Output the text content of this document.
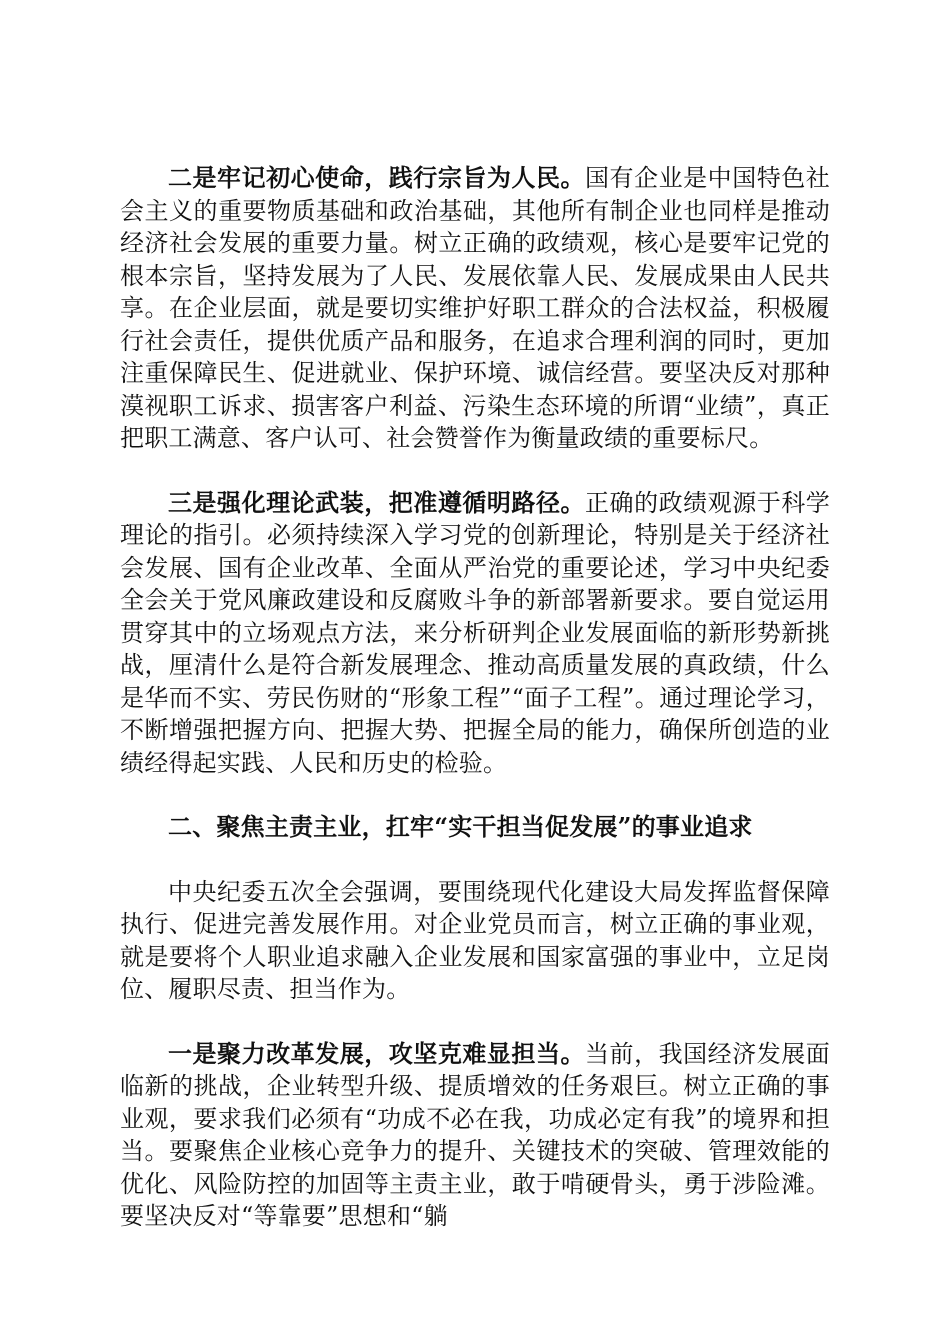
二是牢记初心使命，践行宗旨为人民。国有企业是中国特色社会主义的重要物质基础和政治基础，其他所有制企业也同样是推动经济社会发展的重要力量。树立正确的政绩观，核心是要牢记党的根本宗旨，坚持发展为了人民、发展依靠人民、发展成果由人民共享。在企业层面，就是要切实维护好职工群众的合法权益，积极履行社会责任，提供优质产品和服务，在追求合理利润的同时，更加注重保障民生、促进就业、保护环境、诚信经营。要坚决反对那种漠视职工诉求、损害客户利益、污染生态环境的所谓“业绩”，真正把职工满意、客户认可、社会赞誉作为衡量政绩的重要标尺。

三是强化理论武装，把准遵循明路径。正确的政绩观源于科学理论的指引。必须持续深入学习党的创新理论，特别是关于经济社会发展、国有企业改革、全面从严治党的重要论述，学习中央纪委全会关于党风廉政建设和反腐败斗争的新部署新要求。要自觉运用贯穿其中的立场观点方法，来分析研判企业发展面临的新形势新挑战，厘清什么是符合新发展理念、推动高质量发展的真政绩，什么是华而不实、劳民伤财的“形象工程”“面子工程”。通过理论学习，不断增强把握方向、把握大势、把握全局的能力，确保所创造的业绩经得起实践、人民和历史的检验。

二、聚焦主责主业，扛牢“实干担当促发展”的事业追求

中央纪委五次全会强调，要围绕现代化建设大局发挥监督保障执行、促进完善发展作用。对企业党员而言，树立正确的事业观，就是要将个人职业追求融入企业发展和国家富强的事业中，立足岗位、履职尽责、担当作为。

一是聚力改革发展，攻坚克难显担当。当前，我国经济发展面临新的挑战，企业转型升级、提质增效的任务艰巨。树立正确的事业观，要求我们必须有“功成不必在我，功成必定有我”的境界和担当。要聚焦企业核心竞争力的提升、关键技术的突破、管理效能的优化、风险防控的加固等主责主业，敢于啃硬骨头，勇于涉险滩。要坚决反对“等靠要”思想和“躺
